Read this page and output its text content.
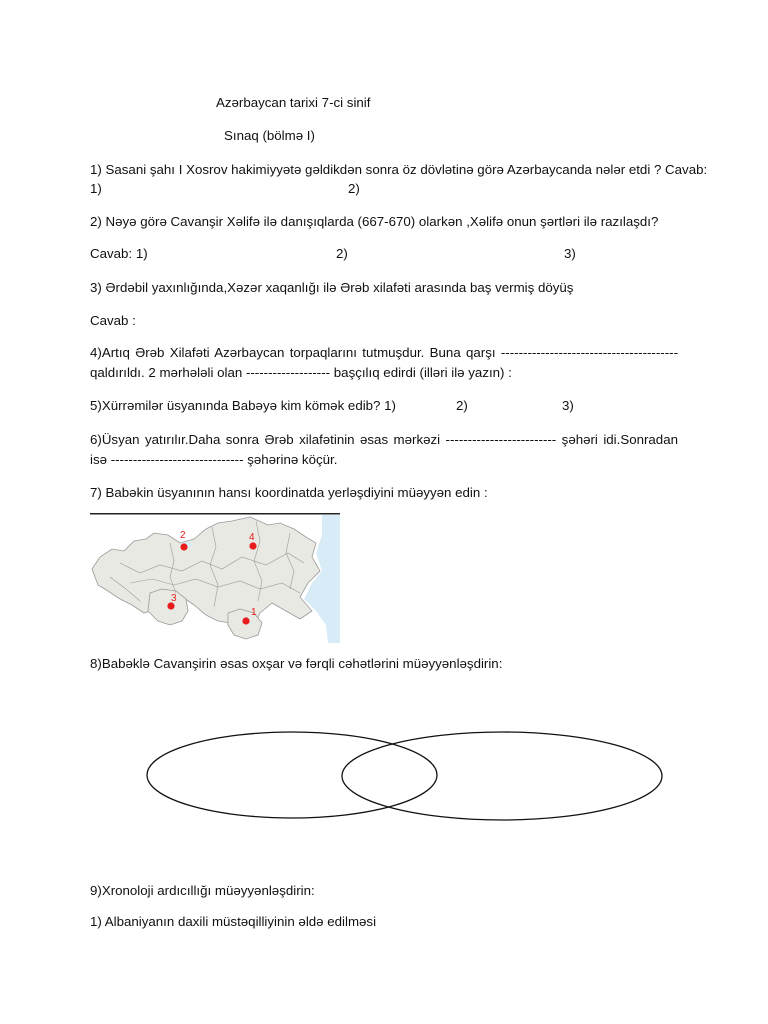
Azərbaycan tarixi 7-ci sinif
Sınaq (bölmə I)
1) Sasani şahı I Xosrov hakimiyyətə gəldikdən sonra öz dövlətinə görə Azərbaycanda nələr etdi ? Cavab:
1)	2)
2) Nəyə görə Cavanşir Xəlifə ilə danışıqlarda (667-670) olarkən ,Xəlifə onun şərtləri ilə razılaşdı?
Cavab: 1)	2)	3)
3) Ərdəbil yaxınlığında,Xəzər xaqanlığı ilə Ərəb xilafəti arasında baş vermiş döyüş
Cavab :
4)Artıq Ərəb Xilafəti Azərbaycan torpaqlarını tutmuşdur. Buna qarşı ---------------------------------------- qaldırıldı. 2 mərhələli olan ------------------- başçılıq edirdi (illəri ilə yazın) :
5)Xürrəmilər üsyanında Babəyə kim kömək edib? 1)	2)	3)
6)Üsyan yatırılır.Daha sonra Ərəb xilafətinin əsas mərkəzi ------------------------- şəhəri idi.Sonradan isə ------------------------------ şəhərinə köçür.
7) Babəkin üsyanının hansı koordinatda yerləşdiyini müəyyən edin :
1
2
3
4
8)Babəklə Cavanşirin əsas oxşar və fərqli cəhətlərini müəyyənləşdirin:
9)Xronoloji ardıcıllığı müəyyənləşdirin:
1) Albaniyanın daxili müstəqilliyinin əldə edilməsi
